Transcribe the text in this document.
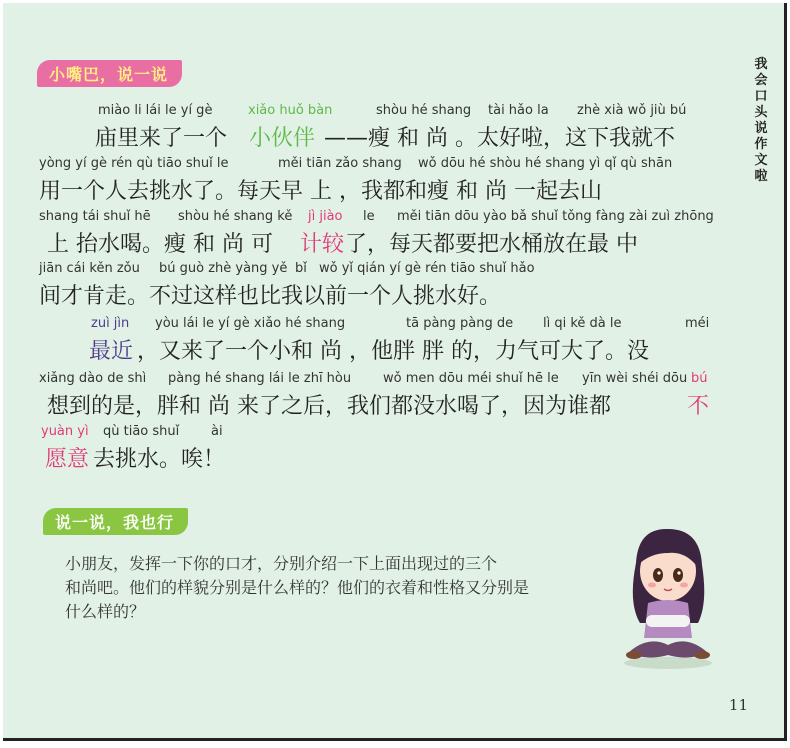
小嘴巴，说一说
我
会
口
头
说
作
文
啦
miào li lái le yí gè	xiǎo huǒ bàn	shòu hé shang tài hǎo la zhè xià wǒ jiù bú
庙里来了一个 小伙伴 ——瘦 和 尚 。太好啦，这下我就不
yòng yí gè rén qù tiāo shuǐ le	měi tiān zǎo shang wǒ dōu hé shòu hé shang yì qǐ qù shān
用一个人去挑水了。每天早 上 ，我都和瘦 和 尚 一起去山
shang tái shuǐ hē shòu hé shang kě jì jiào le měi tiān dōu yào bǎ shuǐ tǒng fàng zài zuì zhōng
上 抬水喝。瘦 和 尚 可 计较 了，每天都要把水桶放在最 中
jiān cái kěn zǒu bú guò zhè yàng yě bǐ wǒ yǐ qián yí gè rén tiāo shuǐ hǎo
间才肯走。不过这样也比我以前一个人挑水好。
zuì jìn yòu lái le yí gè xiǎo hé shang	tā pàng pàng de lì qi kě dà le	méi
最近 ，又来了一个小和 尚 ，他胖 胖 的，力气可大了。没
xiǎng dào de shì pàng hé shang lái le zhī hòu wǒ men dōu méi shuǐ hē le yīn wèi shéi dōu bú
想到的是，胖和 尚 来了之后，我们都没水喝了，因为谁都	不
yuàn yì qù tiāo shuǐ ài
愿意 去挑水。唉！
说一说，我也行
小朋友，发挥一下你的口才，分别介绍一下上面出现过的三个
和尚吧。他们的样貌分别是什么样的？他们的衣着和性格又分别是
什么样的？
11
